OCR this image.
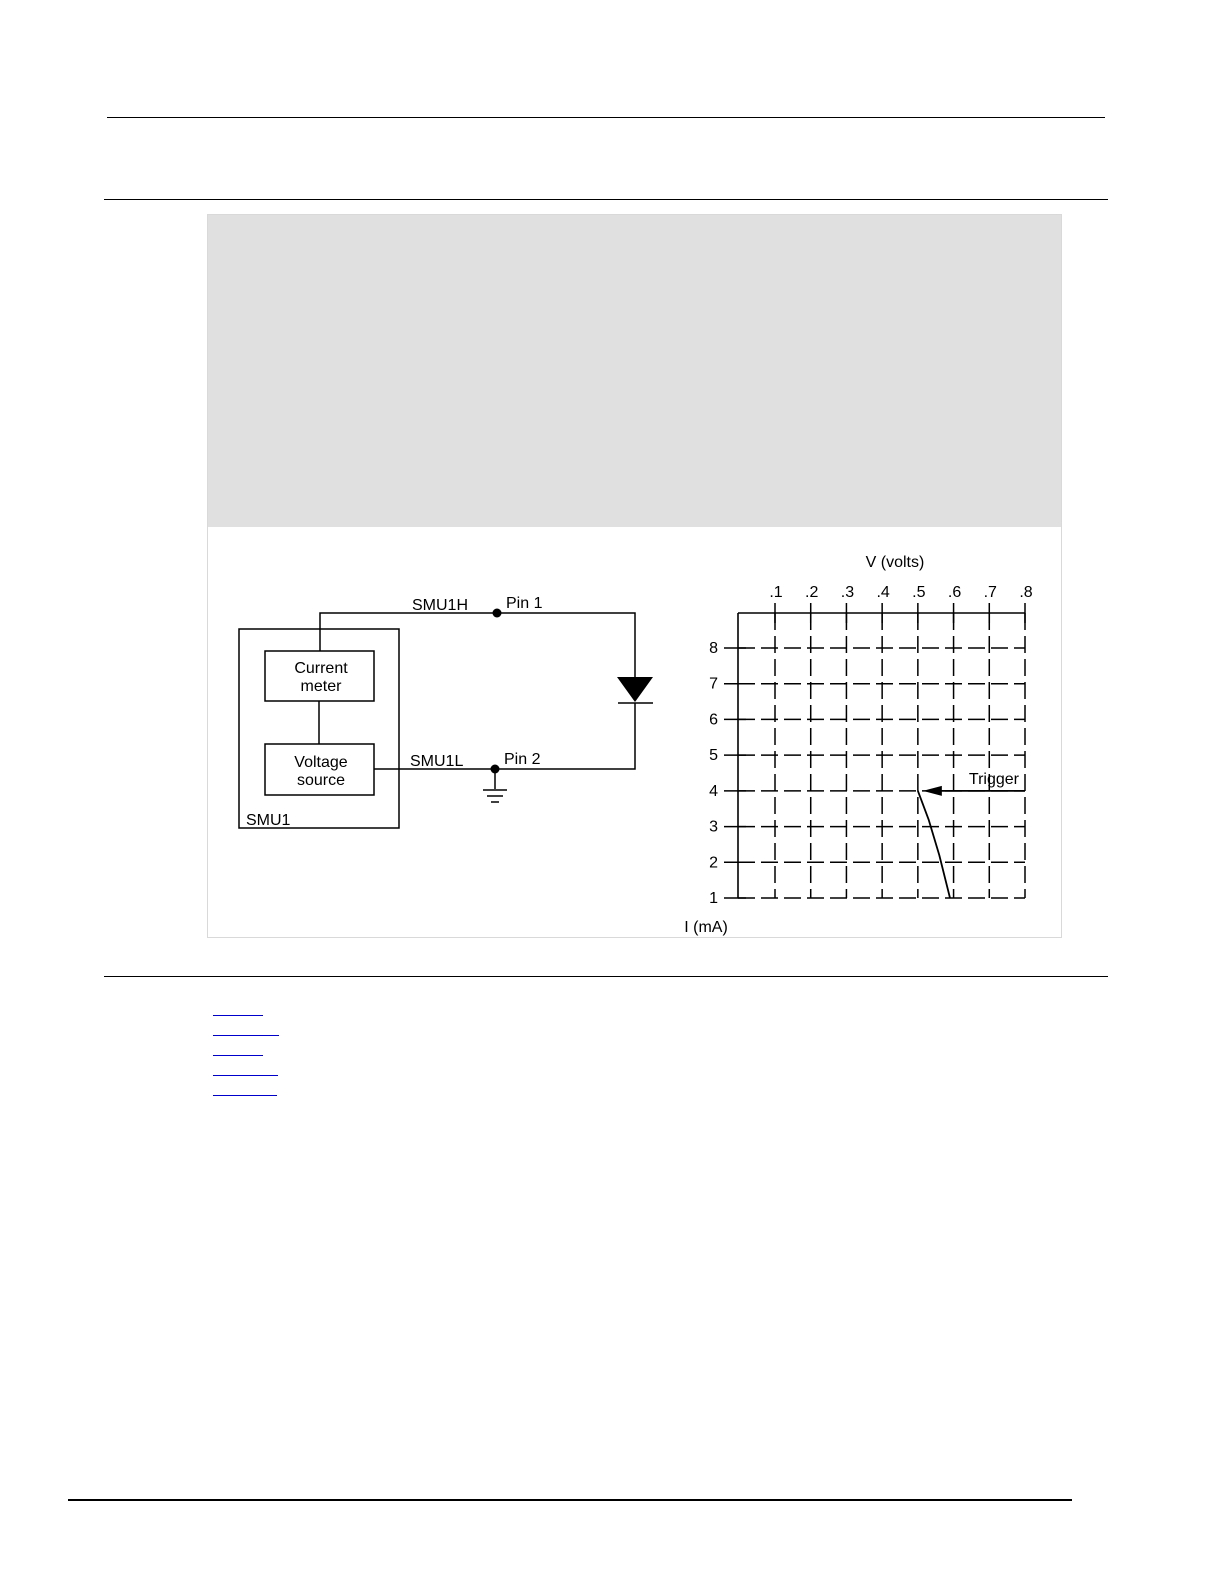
Current
meter
Voltage
source
SMU1
SMU1H
SMU1L
Pin 1
Pin 2
.1 .2 .3 .4 .5 .6 .7 .8
1
2
3
4
5
6
7
8
V (volts)
I (mA)
Trigger
